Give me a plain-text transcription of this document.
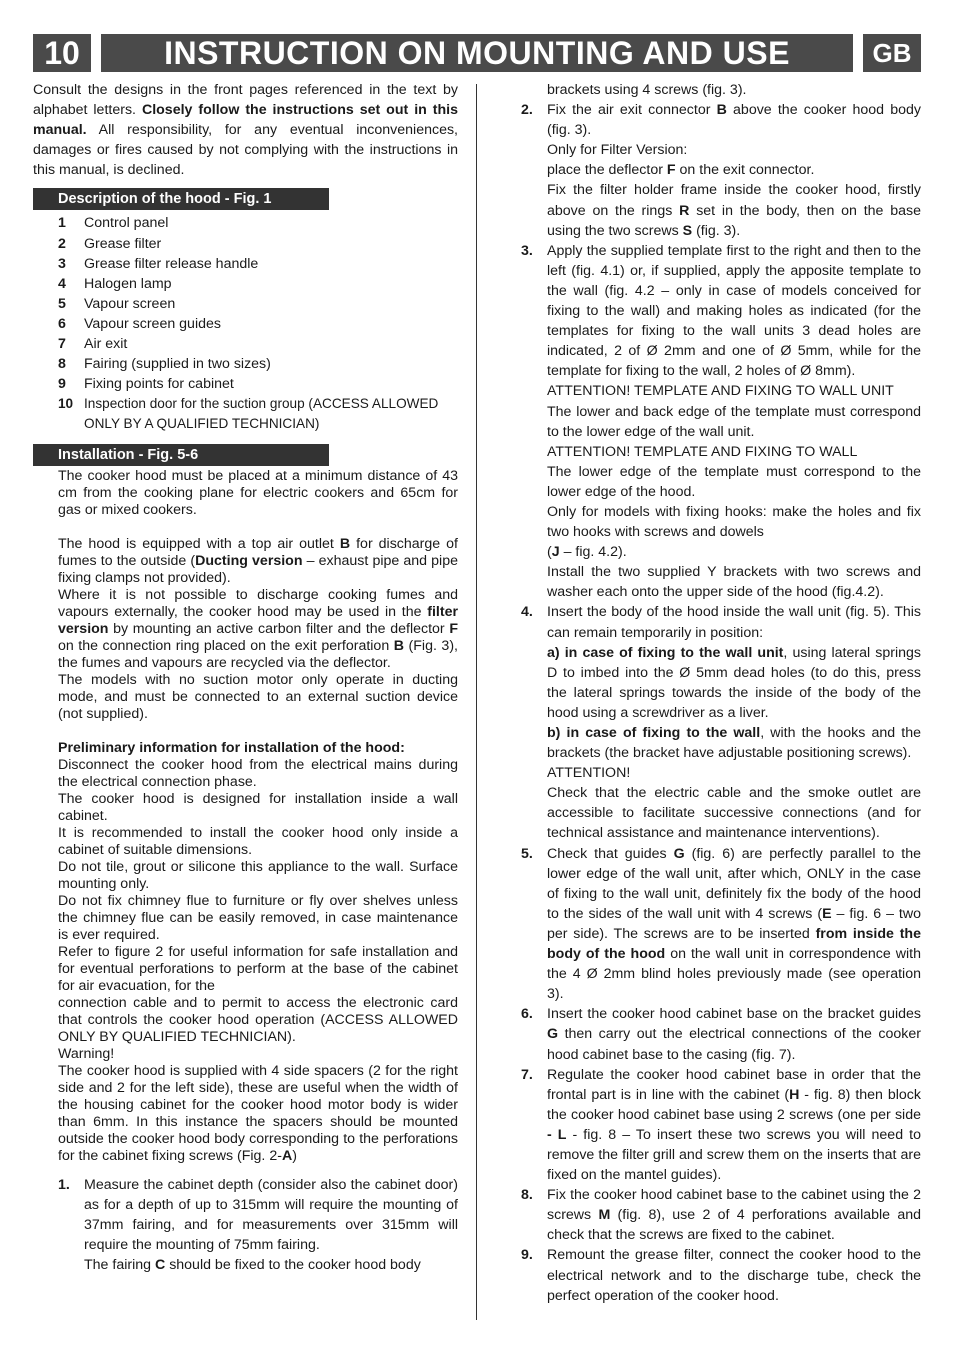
10	INSTRUCTION ON MOUNTING AND USE	GB

Consult the designs in the front pages referenced in the text by alphabet letters. Closely follow the instructions set out in this manual. All responsibility, for any eventual inconveniences, damages or fires caused by not complying with the instructions in this manual, is declined.

Description of the hood - Fig. 1
1	Control panel
2	Grease filter
3	Grease filter release handle
4	Halogen lamp
5	Vapour screen
6	Vapour screen guides
7	Air exit
8	Fairing (supplied in two sizes)
9	Fixing points for cabinet
10 Inspection door for the suction group (ACCESS ALLOWED ONLY BY A QUALIFIED TECHNICIAN)
Installation - Fig. 5-6

The cooker hood must be placed at a minimum distance of 43 cm from the cooking plane for electric cookers and 65cm for gas or mixed cookers.

The hood is equipped with a top air outlet B for discharge of fumes to the outside (Ducting version – exhaust pipe and pipe fixing clamps not provided).

Where it is not possible to discharge cooking fumes and vapours externally, the cooker hood may be used in the filter version by mounting an active carbon filter and the deflector F on the connection ring placed on the exit perforation B (Fig. 3), the fumes and vapours are recycled via the deflector.

The models with no suction motor only operate in ducting mode, and must be connected to an external suction device (not supplied).

Preliminary information for installation of the hood:

Disconnect the cooker hood from the electrical mains during the electrical connection phase.

The cooker hood is designed for installation inside a wall cabinet.

It is recommended to install the cooker hood only inside a cabinet of suitable dimensions.

Do not tile, grout or silicone this appliance to the wall. Surface mounting only.

Do not fix chimney flue to furniture or fly over shelves unless the chimney flue can be easily removed, in case maintenance is ever required.

Refer to figure 2 for useful information for safe installation and for eventual perforations to perform at the base of the cabinet for air evacuation, for the

connection cable and to permit to access the electronic card that controls the cooker hood operation (ACCESS ALLOWED ONLY BY QUALIFIED TECHNICIAN).

Warning!

The cooker hood is supplied with 4 side spacers (2 for the right side and 2 for the left side), these are useful when the width of the housing cabinet for the cooker hood motor body is wider than 6mm. In this instance the spacers should be mounted outside the cooker hood body corresponding to the perforations for the cabinet fixing screws (Fig. 2-A)

1. Measure the cabinet depth (consider also the cabinet door) as for a depth of up to 315mm will require the mounting of 37mm fairing, and for measurements over 315mm will require the mounting of 75mm fairing.

The fairing C should be fixed to the cooker hood body

brackets using 4 screws (fig. 3).

2. Fix the air exit connector B above the cooker hood body (fig. 3).

Only for Filter Version:

place the deflector F on the exit connector.

Fix the filter holder frame inside the cooker hood, firstly above on the rings R set in the body, then on the base using the two screws S (fig. 3).

3. Apply the supplied template first to the right and then to the left (fig. 4.1) or, if supplied, apply the apposite template to the wall (fig. 4.2 – only in case of models conceived for fixing to the wall) and making holes as indicated (for the templates for fixing to the wall units 3 dead holes are indicated, 2 of Ø 2mm and one of Ø 5mm, while for the template for fixing to the wall, 2 holes of Ø 8mm).

ATTENTION! TEMPLATE AND FIXING TO WALL UNIT

The lower and back edge of the template must correspond to the lower edge of the wall unit.

ATTENTION! TEMPLATE AND FIXING TO WALL

The lower edge of the template must correspond to the lower edge of the hood.

Only for models with fixing hooks: make the holes and fix two hooks with screws and dowels

(J – fig. 4.2).

Install the two supplied Y brackets with two screws and washer each onto the upper side of the hood (fig.4.2).

4. Insert the body of the hood inside the wall unit (fig. 5). This can remain temporarily in position:

a) in case of fixing to the wall unit, using lateral springs D to imbed into the Ø 5mm dead holes (to do this, press the lateral springs towards the inside of the body of the hood using a screwdriver as a liver.

b) in case of fixing to the wall, with the hooks and the brackets (the bracket have adjustable positioning screws).

ATTENTION!

Check that the electric cable and the smoke outlet are accessible to facilitate successive connections (and for technical assistance and maintenance interventions).

5. Check that guides G (fig. 6) are perfectly parallel to the lower edge of the wall unit, after which, ONLY in the case of fixing to the wall unit, definitely fix the body of the hood to the sides of the wall unit with 4 screws (E – fig. 6 – two per side). The screws are to be inserted from inside the body of the hood on the wall unit in correspondence with the 4 Ø 2mm blind holes previously made (see operation 3).

6. Insert the cooker hood cabinet base on the bracket guides G then carry out the electrical connections of the cooker hood cabinet base to the casing (fig. 7).

7. Regulate the cooker hood cabinet base in order that the frontal part is in line with the cabinet (H - fig. 8) then block the cooker hood cabinet base using 2 screws (one per side - L - fig. 8 – To insert these two screws you will need to remove the filter grill and screw them on the inserts that are fixed on the mantel guides).

8. Fix the cooker hood cabinet base to the cabinet using the 2 screws M (fig. 8), use 2 of 4 perforations available and check that the screws are fixed to the cabinet.

9. Remount the grease filter, connect the cooker hood to the electrical network and to the discharge tube, check the perfect operation of the cooker hood.
